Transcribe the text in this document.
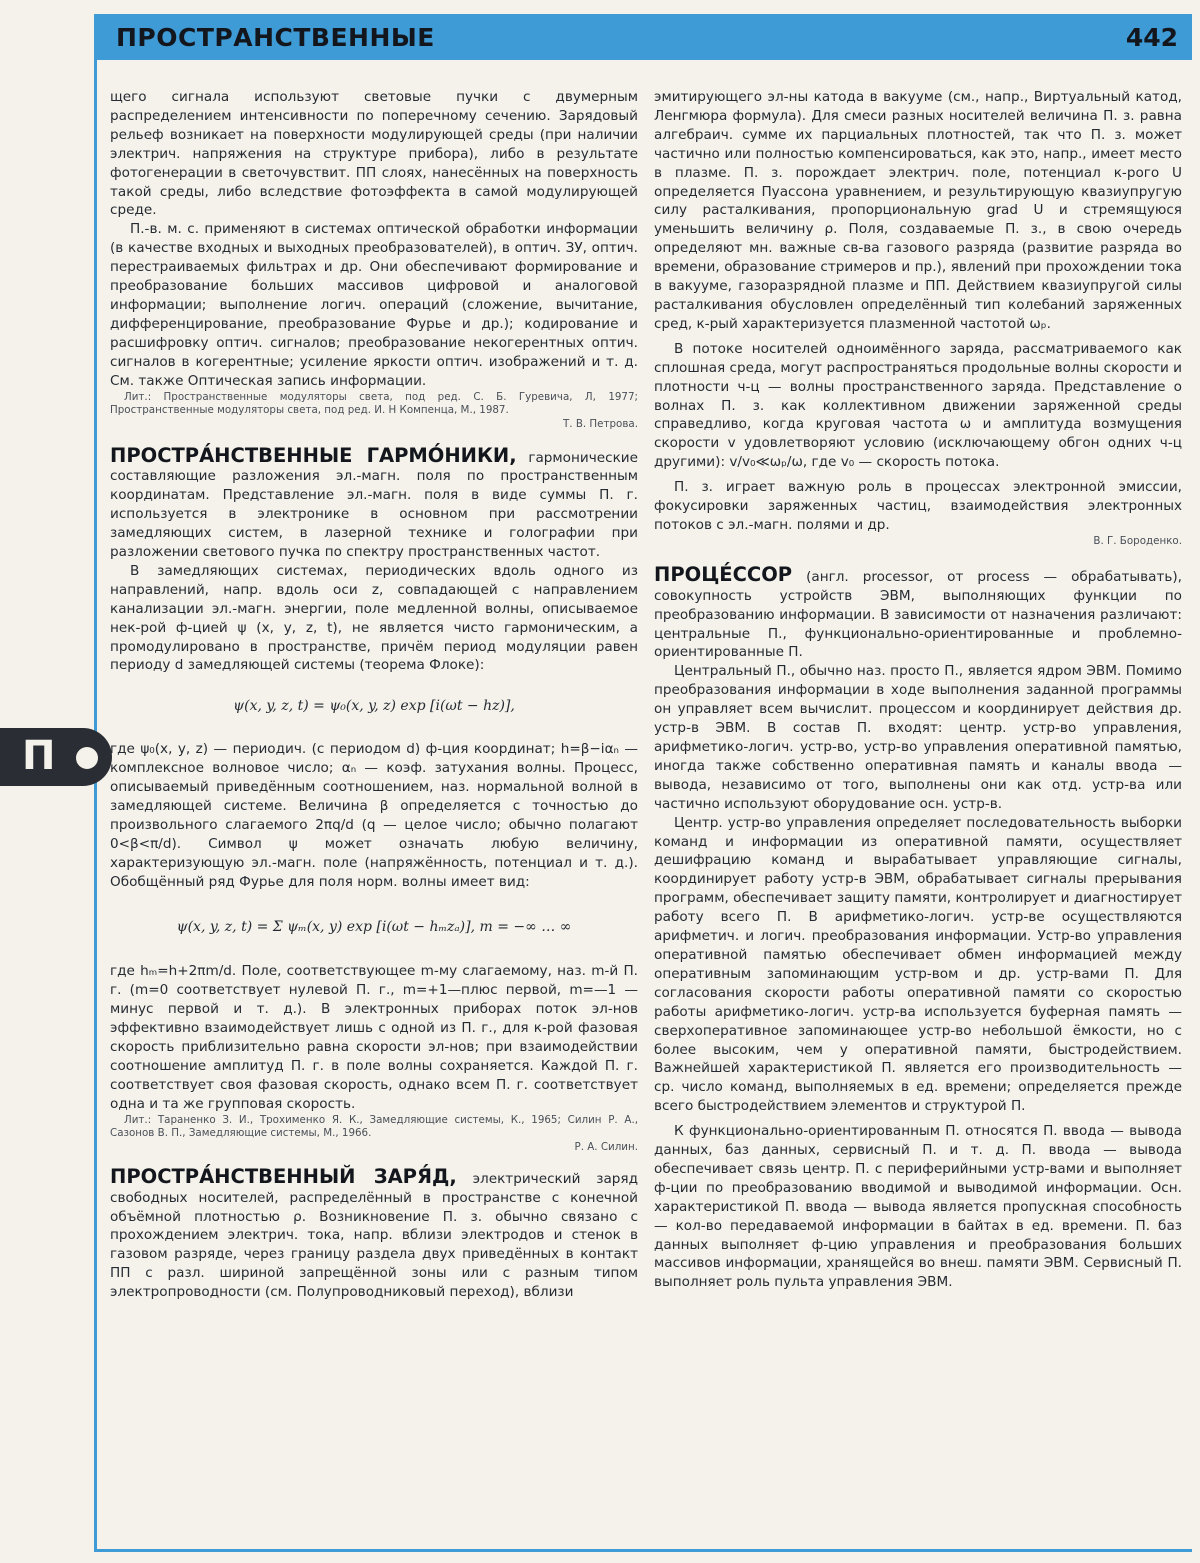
ПРОСТРАНСТВЕННЫЕ	442
П

щего сигнала используют световые пучки с двумерным распределением интенсивности по поперечному сечению. Зарядовый рельеф возникает на поверхности модулирующей среды (при наличии электрич. напряжения на структуре прибора), либо в результате фотогенерации в светочувствит. ПП слоях, нанесённых на поверхность такой среды, либо вследствие фотоэффекта в самой модулирующей среде.

П.-в. м. с. применяют в системах оптической обработки информации (в качестве входных и выходных преобразователей), в оптич. ЗУ, оптич. перестраиваемых фильтрах и др. Они обеспечивают формирование и преобразование больших массивов цифровой и аналоговой информации; выполнение логич. операций (сложение, вычитание, дифференцирование, преобразование Фурье и др.); кодирование и расшифровку оптич. сигналов; преобразование некогерентных оптич. сигналов в когерентные; усиление яркости оптич. изображений и т. д. См. также Оптическая запись информации.

Лит.: Пространственные модуляторы света, под ред. С. Б. Гуревича, Л, 1977; Пространственные модуляторы света, под ред. И. Н Компенца, М., 1987.

Т. В. Петрова.

ПРОСТРА́НСТВЕННЫЕ ГАРМО́НИКИ, гармонические составляющие разложения эл.-магн. поля по пространственным координатам. Представление эл.-магн. поля в виде суммы П. г. используется в электронике в основном при рассмотрении замедляющих систем, в лазерной технике и голографии при разложении светового пучка по спектру пространственных частот.

В замедляющих системах, периодических вдоль одного из направлений, напр. вдоль оси z, совпадающей с направлением канализации эл.-магн. энергии, поле медленной волны, описываемое нек-рой ф-цией ψ (x, y, z, t), не является чисто гармоническим, а промодулировано в пространстве, причём период модуляции равен периоду d замедляющей системы (теорема Флоке):

ψ(x, y, z, t) = ψ₀(x, y, z) exp [i(ωt − hz)],

где ψ₀(x, y, z) — периодич. (с периодом d) ф-ция координат; h=β−iαₙ — комплексное волновое число; αₙ — коэф. затухания волны. Процесс, описываемый приведённым соотношением, наз. нормальной волной в замедляющей системе. Величина β определяется с точностью до произвольного слагаемого 2πq/d (q — целое число; обычно полагают 0<β<π/d). Символ ψ может означать любую величину, характеризующую эл.-магн. поле (напряжённость, потенциал и т. д.). Обобщённый ряд Фурье для поля норм. волны имеет вид:

ψ(x, y, z, t) = Σ ψₘ(x, y) exp [i(ωt − hₘzₐ)], m = −∞ … ∞

где hₘ=h+2πm/d. Поле, соответствующее m-му слагаемому, наз. m-й П. г. (m=0 соответствует нулевой П. г., m=+1—плюс первой, m=—1 — минус первой и т. д.). В электронных приборах поток эл-нов эффективно взаимодействует лишь с одной из П. г., для к-рой фазовая скорость приблизительно равна скорости эл-нов; при взаимодействии соотношение амплитуд П. г. в поле волны сохраняется. Каждой П. г. соответствует своя фазовая скорость, однако всем П. г. соответствует одна и та же групповая скорость.

Лит.: Тараненко З. И., Трохименко Я. К., Замедляющие системы, К., 1965; Силин Р. А., Сазонов В. П., Замедляющие системы, М., 1966.

Р. А. Силин.

ПРОСТРА́НСТВЕННЫЙ ЗАРЯ́Д, электрический заряд свободных носителей, распределённый в пространстве с конечной объёмной плотностью ρ. Возникновение П. з. обычно связано с прохождением электрич. тока, напр. вблизи электродов и стенок в газовом разряде, через границу раздела двух приведённых в контакт ПП с разл. шириной запрещённой зоны или с разным типом электропроводности (см. Полупроводниковый переход), вблизи

эмитирующего эл-ны катода в вакууме (см., напр., Виртуальный катод, Ленгмюра формула). Для смеси разных носителей величина П. з. равна алгебраич. сумме их парциальных плотностей, так что П. з. может частично или полностью компенсироваться, как это, напр., имеет место в плазме. П. з. порождает электрич. поле, потенциал к-рого U определяется Пуассона уравнением, и результирующую квазиупругую силу расталкивания, пропорциональную grad U и стремящуюся уменьшить величину ρ. Поля, создаваемые П. з., в свою очередь определяют мн. важные св-ва газового разряда (развитие разряда во времени, образование стримеров и пр.), явлений при прохождении тока в вакууме, газоразрядной плазме и ПП. Действием квазиупругой силы расталкивания обусловлен определённый тип колебаний заряженных сред, к-рый характеризуется плазменной частотой ωₚ.

В потоке носителей одноимённого заряда, рассматриваемого как сплошная среда, могут распространяться продольные волны скорости и плотности ч-ц — волны пространственного заряда. Представление о волнах П. з. как коллективном движении заряженной среды справедливо, когда круговая частота ω и амплитуда возмущения скорости v удовлетворяют условию (исключающему обгон одних ч-ц другими): v/v₀≪ωₚ/ω, где v₀ — скорость потока.

П. з. играет важную роль в процессах электронной эмиссии, фокусировки заряженных частиц, взаимодействия электронных потоков с эл.-магн. полями и др.

В. Г. Бороденко.

ПРОЦЕ́ССОР (англ. processor, от process — обрабатывать), совокупность устройств ЭВМ, выполняющих функции по преобразованию информации. В зависимости от назначения различают: центральные П., функционально-ориентированные и проблемно-ориентированные П.

Центральный П., обычно наз. просто П., является ядром ЭВМ. Помимо преобразования информации в ходе выполнения заданной программы он управляет всем вычислит. процессом и координирует действия др. устр-в ЭВМ. В состав П. входят: центр. устр-во управления, арифметико-логич. устр-во, устр-во управления оперативной памятью, иногда также собственно оперативная память и каналы ввода — вывода, независимо от того, выполнены они как отд. устр-ва или частично используют оборудование осн. устр-в.

Центр. устр-во управления определяет последовательность выборки команд и информации из оперативной памяти, осуществляет дешифрацию команд и вырабатывает управляющие сигналы, координирует работу устр-в ЭВМ, обрабатывает сигналы прерывания программ, обеспечивает защиту памяти, контролирует и диагностирует работу всего П. В арифметико-логич. устр-ве осуществляются арифметич. и логич. преобразования информации. Устр-во управления оперативной памятью обеспечивает обмен информацией между оперативным запоминающим устр-вом и др. устр-вами П. Для согласования скорости работы оперативной памяти со скоростью работы арифметико-логич. устр-ва используется буферная память — сверхоперативное запоминающее устр-во небольшой ёмкости, но с более высоким, чем у оперативной памяти, быстродействием. Важнейшей характеристикой П. является его производительность — ср. число команд, выполняемых в ед. времени; определяется прежде всего быстродействием элементов и структурой П.

К функционально-ориентированным П. относятся П. ввода — вывода данных, баз данных, сервисный П. и т. д. П. ввода — вывода обеспечивает связь центр. П. с периферийными устр-вами и выполняет ф-ции по преобразованию вводимой и выводимой информации. Осн. характеристикой П. ввода — вывода является пропускная способность — кол-во передаваемой информации в байтах в ед. времени. П. баз данных выполняет ф-цию управления и преобразования больших массивов информации, хранящейся во внеш. памяти ЭВМ. Сервисный П. выполняет роль пульта управления ЭВМ.
